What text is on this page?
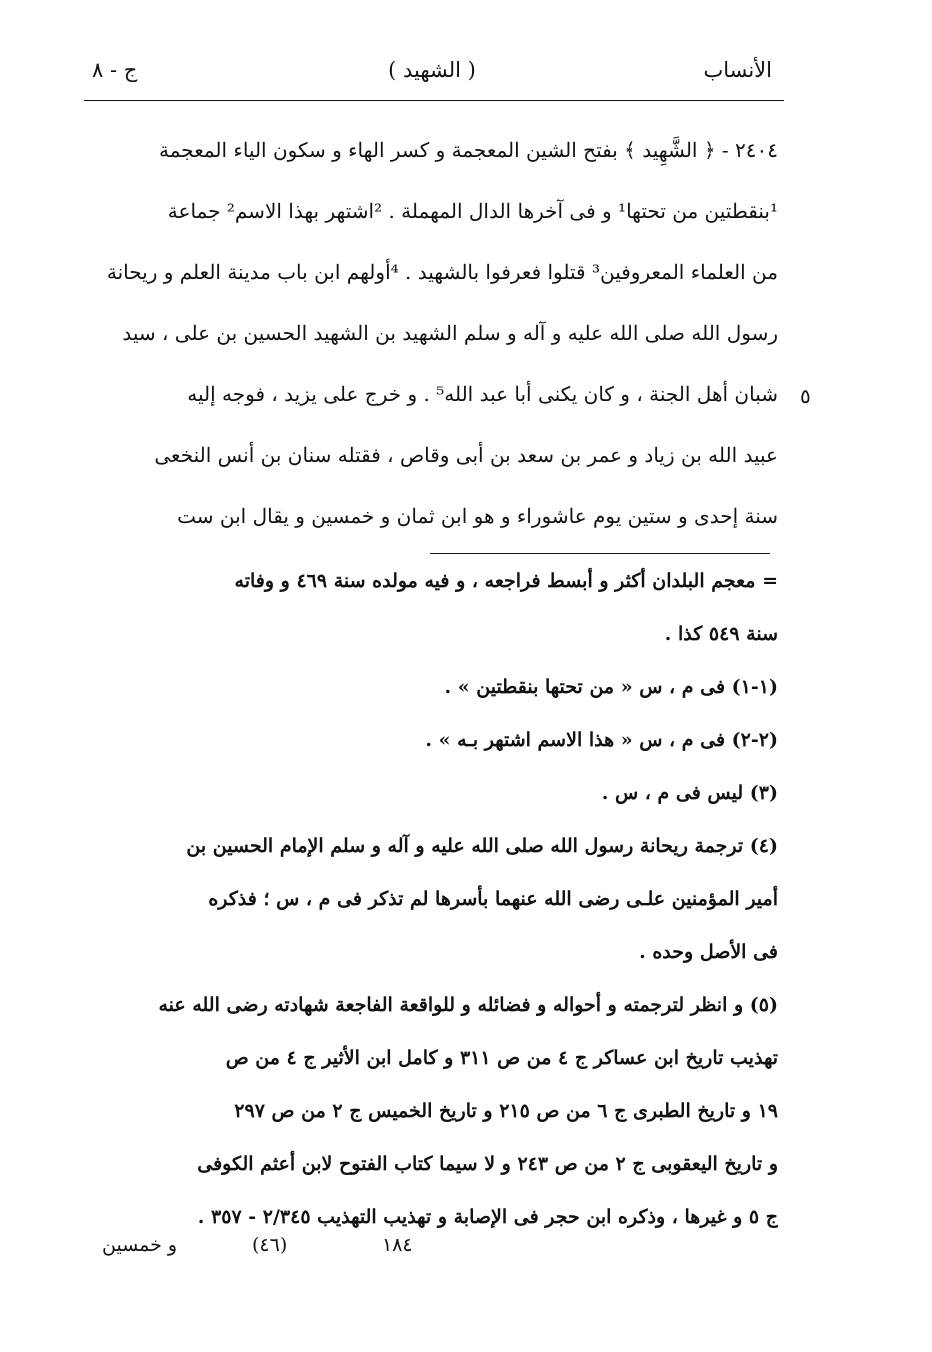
الأنساب
( الشهيد )
ج - ٨
٢٤٠٤ - ﴿ الشَّهِيد ﴾ بفتح الشين المعجمة و كسر الهاء و سكون الياء المعجمة
¹بنقطتين من تحتها¹ و فى آخرها الدال المهملة . ²اشتهر بهذا الاسم² جماعة
من العلماء المعروفين³ قتلوا فعرفوا بالشهيد . ⁴أولهم ابن باب مدينة العلم و ريحانة
رسول الله صلى الله عليه و آله و سلم الشهيد بن الشهيد الحسين بن على ، سيد
شبان أهل الجنة ، و كان يكنى أبا عبد الله⁵ . و خرج على يزيد ، فوجه إليه
عبيد الله بن زياد و عمر بن سعد بن أبى وقاص ، فقتله سنان بن أنس النخعى
سنة إحدى و ستين يوم عاشوراء و هو ابن ثمان و خمسين و يقال ابن ست
٥
= معجم البلدان أكثر و أبسط فراجعه ، و فيه مولده سنة ٤٦٩ و وفاته
سنة ٥٤٩ كذا .
(١-١) فى م ، س « من تحتها بنقطتين » .
(٢-٢) فى م ، س « هذا الاسم اشتهر بـه » .
(٣) ليس فى م ، س .
(٤) ترجمة ريحانة رسول الله صلى الله عليه و آله و سلم الإمام الحسين بن
أمير المؤمنين علـى رضى الله عنهما بأسرها لم تذكر فى م ، س ؛ فذكره
فى الأصل وحده .
(٥) و انظر لترجمته و أحواله و فضائله و للواقعة الفاجعة شهادته رضى الله عنه
تهذيب تاريخ ابن عساكر ج ٤ من ص ٣١١ و كامل ابن الأثير ج ٤ من ص
١٩ و تاريخ الطبرى ج ٦ من ص ٢١٥ و تاريخ الخميس ج ٢ من ص ٢٩٧
و تاريخ اليعقوبى ج ٢ من ص ٢٤٣ و لا سيما كتاب الفتوح لابن أعثم الكوفى
ج ٥ و غيرها ، وذكره ابن حجر فى الإصابة و تهذيب التهذيب ٢/٣٤٥ - ٣٥٧ .
١٨٤
(٤٦)
و خمسين
